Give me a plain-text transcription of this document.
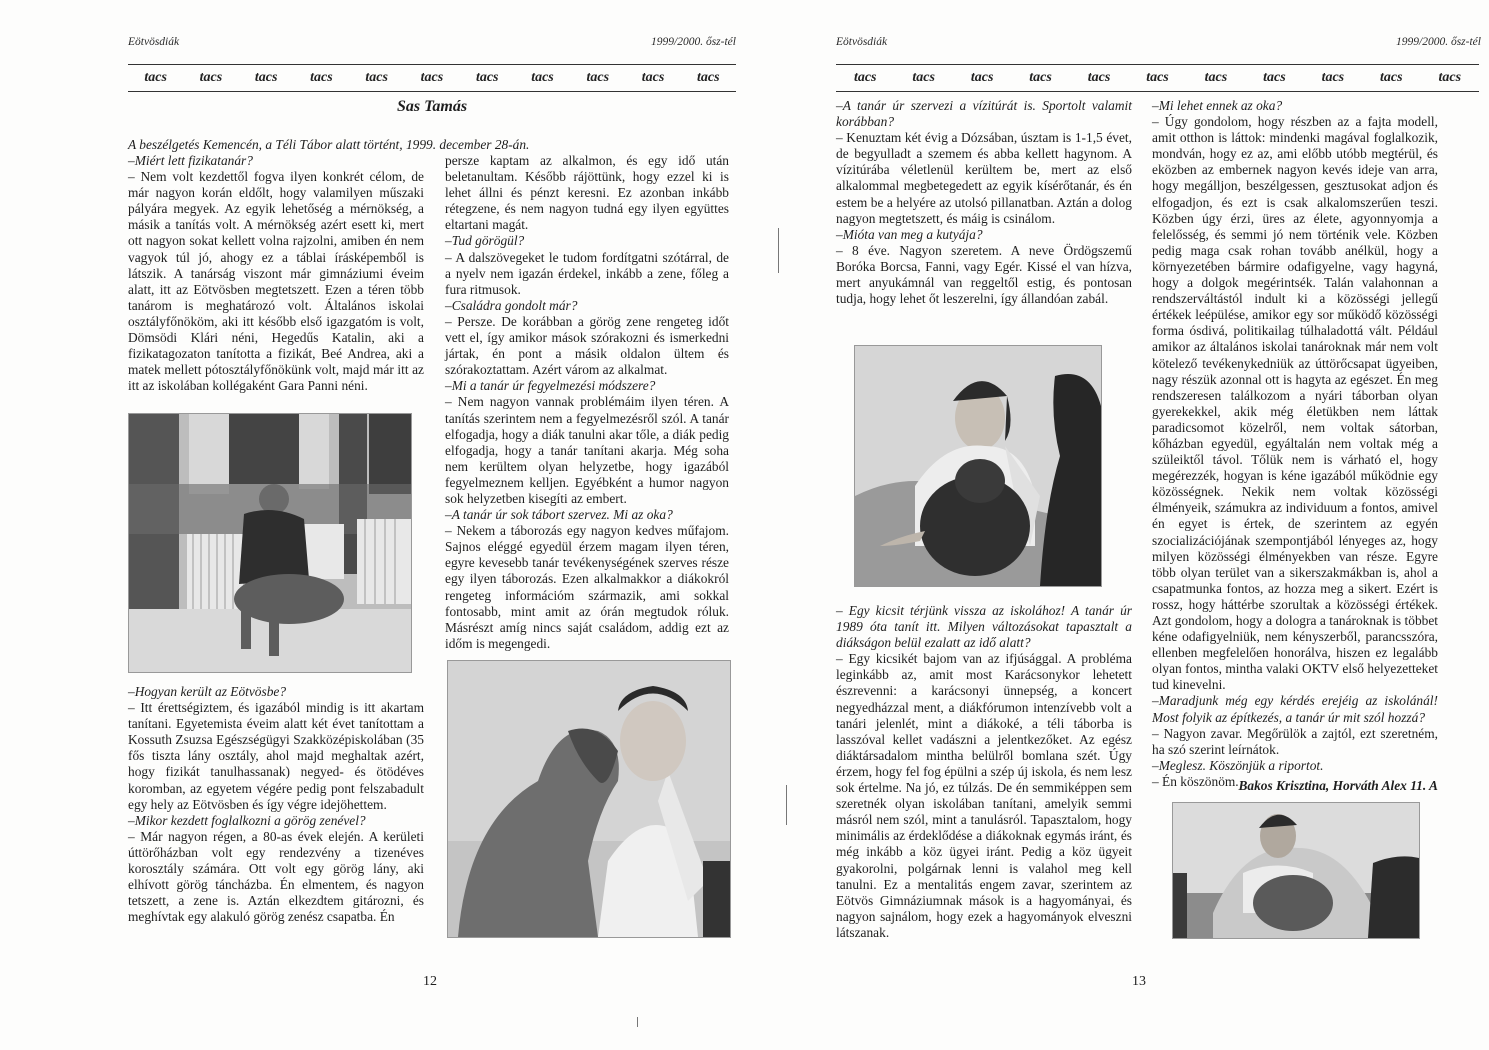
Eötvösdiák	1999/2000. ősz-tél
tacs tacs tacs tacs tacs tacs tacs tacs tacs tacs tacs
Sas Tamás
A beszélgetés Kemencén, a Téli Tábor alatt történt, 1999. december 28-án.

–Miért lett fizikatanár?

– Nem volt kezdettől fogva ilyen konkrét célom, de már nagyon korán eldőlt, hogy valamilyen műszaki pályára megyek. Az egyik lehetőség a mérnökség, a másik a tanítás volt. A mérnökség azért esett ki, mert ott nagyon sokat kellett volna rajzolni, amiben én nem vagyok túl jó, ahogy ez a táblai írásképemből is látszik. A tanárság viszont már gimnáziumi éveim alatt, itt az Eötvösben megtetszett. Ezen a téren több tanárom is meghatározó volt. Általános iskolai osztályfőnököm, aki itt később első igazgatóm is volt, Dömsödi Klári néni, Hegedűs Katalin, aki a fizikatagozaton tanította a fizikát, Beé Andrea, aki a matek mellett pótosztályfőnökünk volt, majd már itt az itt az iskolában kollégaként Gara Panni néni.

–Hogyan került az Eötvösbe?

– Itt érettségiztem, és igazából mindig is itt akartam tanítani. Egyetemista éveim alatt két évet tanítottam a Kossuth Zsuzsa Egészségügyi Szakközépiskolában (35 fős tiszta lány osztály, ahol majd meghaltak azért, hogy fizikát tanulhassanak) negyed- és ötödéves koromban, az egyetem végére pedig pont felszabadult egy hely az Eötvösben és így végre idejöhettem.

–Mikor kezdett foglalkozni a görög zenével?

– Már nagyon régen, a 80-as évek elején. A kerületi úttörőházban volt egy rendezvény a tizenéves korosztály számára. Ott volt egy görög lány, aki elhívott görög táncházba. Én elmentem, és nagyon tetszett, a zene is. Aztán elkezdtem gitározni, és meghívtak egy alakuló görög zenész csapatba. Én

persze kaptam az alkalmon, és egy idő után beletanultam. Később rájöttünk, hogy ezzel ki is lehet állni és pénzt keresni. Ez azonban inkább rétegzene, és nem nagyon tudná egy ilyen együttes eltartani magát.

–Tud görögül?

– A dalszövegeket le tudom fordítgatni szótárral, de a nyelv nem igazán érdekel, inkább a zene, főleg a fura ritmusok.

–Családra gondolt már?

– Persze. De korábban a görög zene rengeteg időt vett el, így amikor mások szórakozni és ismerkedni jártak, én pont a másik oldalon ültem és szórakoztattam. Azért várom az alkalmat.

–Mi a tanár úr fegyelmezési módszere?

– Nem nagyon vannak problémáim ilyen téren. A tanítás szerintem nem a fegyelmezésről szól. A tanár elfogadja, hogy a diák tanulni akar tőle, a diák pedig elfogadja, hogy a tanár tanítani akarja. Még soha nem kerültem olyan helyzetbe, hogy igazából fegyelmeznem kelljen. Egyébként a humor nagyon sok helyzetben kisegíti az embert.

–A tanár úr sok tábort szervez. Mi az oka?

– Nekem a táborozás egy nagyon kedves műfajom. Sajnos eléggé egyedül érzem magam ilyen téren, egyre kevesebb tanár tevékenységének szerves része egy ilyen táborozás. Ezen alkalmakkor a diákokról rengeteg információm származik, ami sokkal fontosabb, mint amit az órán megtudok róluk. Másrészt amíg nincs saját családom, addig ezt az időm is megengedi.

12
Eötvösdiák	1999/2000. ősz-tél
tacs	tacs	tacs	tacs	tacs	tacs	tacs	tacs	tacs	tacs	tacs

–A tanár úr szervezi a vízitúrát is. Sportolt valamit korábban?

– Kenuztam két évig a Dózsában, úsztam is 1-1,5 évet, de begyulladt a szemem és abba kellett hagynom. A vízitúrába véletlenül kerültem be, mert az első alkalommal megbetegedett az egyik kísérőtanár, és én estem be a helyére az utolsó pillanatban. Aztán a dolog nagyon megtetszett, és máig is csinálom.

–Mióta van meg a kutyája?

– 8 éve. Nagyon szeretem. A neve Ördögszemű Boróka Borcsa, Fanni, vagy Egér. Kissé el van hízva, mert anyukámnál van reggeltől estig, és pontosan tudja, hogy lehet őt leszerelni, így állandóan zabál.

– Egy kicsit térjünk vissza az iskolához! A tanár úr 1989 óta tanít itt. Milyen változásokat tapasztalt a diákságon belül ezalatt az idő alatt?

– Egy kicsikét bajom van az ifjúsággal. A probléma leginkább az, amit most Karácsonykor lehetett észrevenni: a karácsonyi ünnepség, a koncert negyedházzal ment, a diákfórumon intenzívebb volt a tanári jelenlét, mint a diákoké, a téli táborba is lasszóval kellet vadászni a jelentkezőket. Az egész diáktársadalom mintha belülről bomlana szét. Úgy érzem, hogy fel fog épülni a szép új iskola, és nem lesz sok értelme. Na jó, ez túlzás. De én semmiképpen sem szeretnék olyan iskolában tanítani, amelyik semmi másról nem szól, mint a tanulásról. Tapasztalom, hogy minimális az érdeklődése a diákoknak egymás iránt, és még inkább a köz ügyei iránt. Pedig a köz ügyeit gyakorolni, polgárnak lenni is valahol meg kell tanulni. Ez a mentalitás engem zavar, szerintem az Eötvös Gimnáziumnak mások is a hagyományai, és nagyon sajnálom, hogy ezek a hagyományok elveszni látszanak.

–Mi lehet ennek az oka?

– Úgy gondolom, hogy részben az a fajta modell, amit otthon is láttok: mindenki magával foglalkozik, mondván, hogy ez az, ami előbb utóbb megtérül, és eközben az embernek nagyon kevés ideje van arra, hogy megálljon, beszélgessen, gesztusokat adjon és elfogadjon, és ezt is csak alkalomszerűen teszi. Közben úgy érzi, üres az élete, agyonnyomja a felelősség, és semmi jó nem történik vele. Közben pedig maga csak rohan tovább anélkül, hogy a környezetében bármire odafigyelne, vagy hagyná, hogy a dolgok megérintsék. Talán valahonnan a rendszerváltástól indult ki a közösségi jellegű értékek leépülése, amikor egy sor működő közösségi forma ósdivá, politikailag túlhaladottá vált. Például amikor az általános iskolai tanároknak már nem volt kötelező tevékenykedniük az úttörőcsapat ügyeiben, nagy részük azonnal ott is hagyta az egészet. Én meg rendszeresen találkozom a nyári táborban olyan gyerekekkel, akik még életükben nem láttak paradicsomot közelről, nem voltak sátorban, kőházban egyedül, egyáltalán nem voltak még a szüleiktől távol. Tőlük nem is várható el, hogy megérezzék, hogyan is kéne igazából működnie egy közösségnek. Nekik nem voltak közösségi élményeik, számukra az individuum a fontos, amivel én egyet is értek, de szerintem az egyén szocializációjának szempontjából lényeges az, hogy milyen közösségi élményekben van része. Egyre több olyan terület van a sikerszakmákban is, ahol a csapatmunka fontos, az hozza meg a sikert. Ezért is rossz, hogy háttérbe szorultak a közösségi értékek. Azt gondolom, hogy a dologra a tanároknak is többet kéne odafigyelniük, nem kényszerből, parancsszóra, ellenben megfelelően honorálva, hiszen ez legalább olyan fontos, mintha valaki OKTV első helyezetteket tud kinevelni.

–Maradjunk még egy kérdés erejéig az iskolánál! Most folyik az építkezés, a tanár úr mit szól hozzá?

– Nagyon zavar. Megőrülök a zajtól, ezt szeretném, ha szó szerint leírnátok.

–Meglesz. Köszönjük a riportot.

– Én köszönöm. Bakos Krisztina, Horváth Alex 11. A
13
